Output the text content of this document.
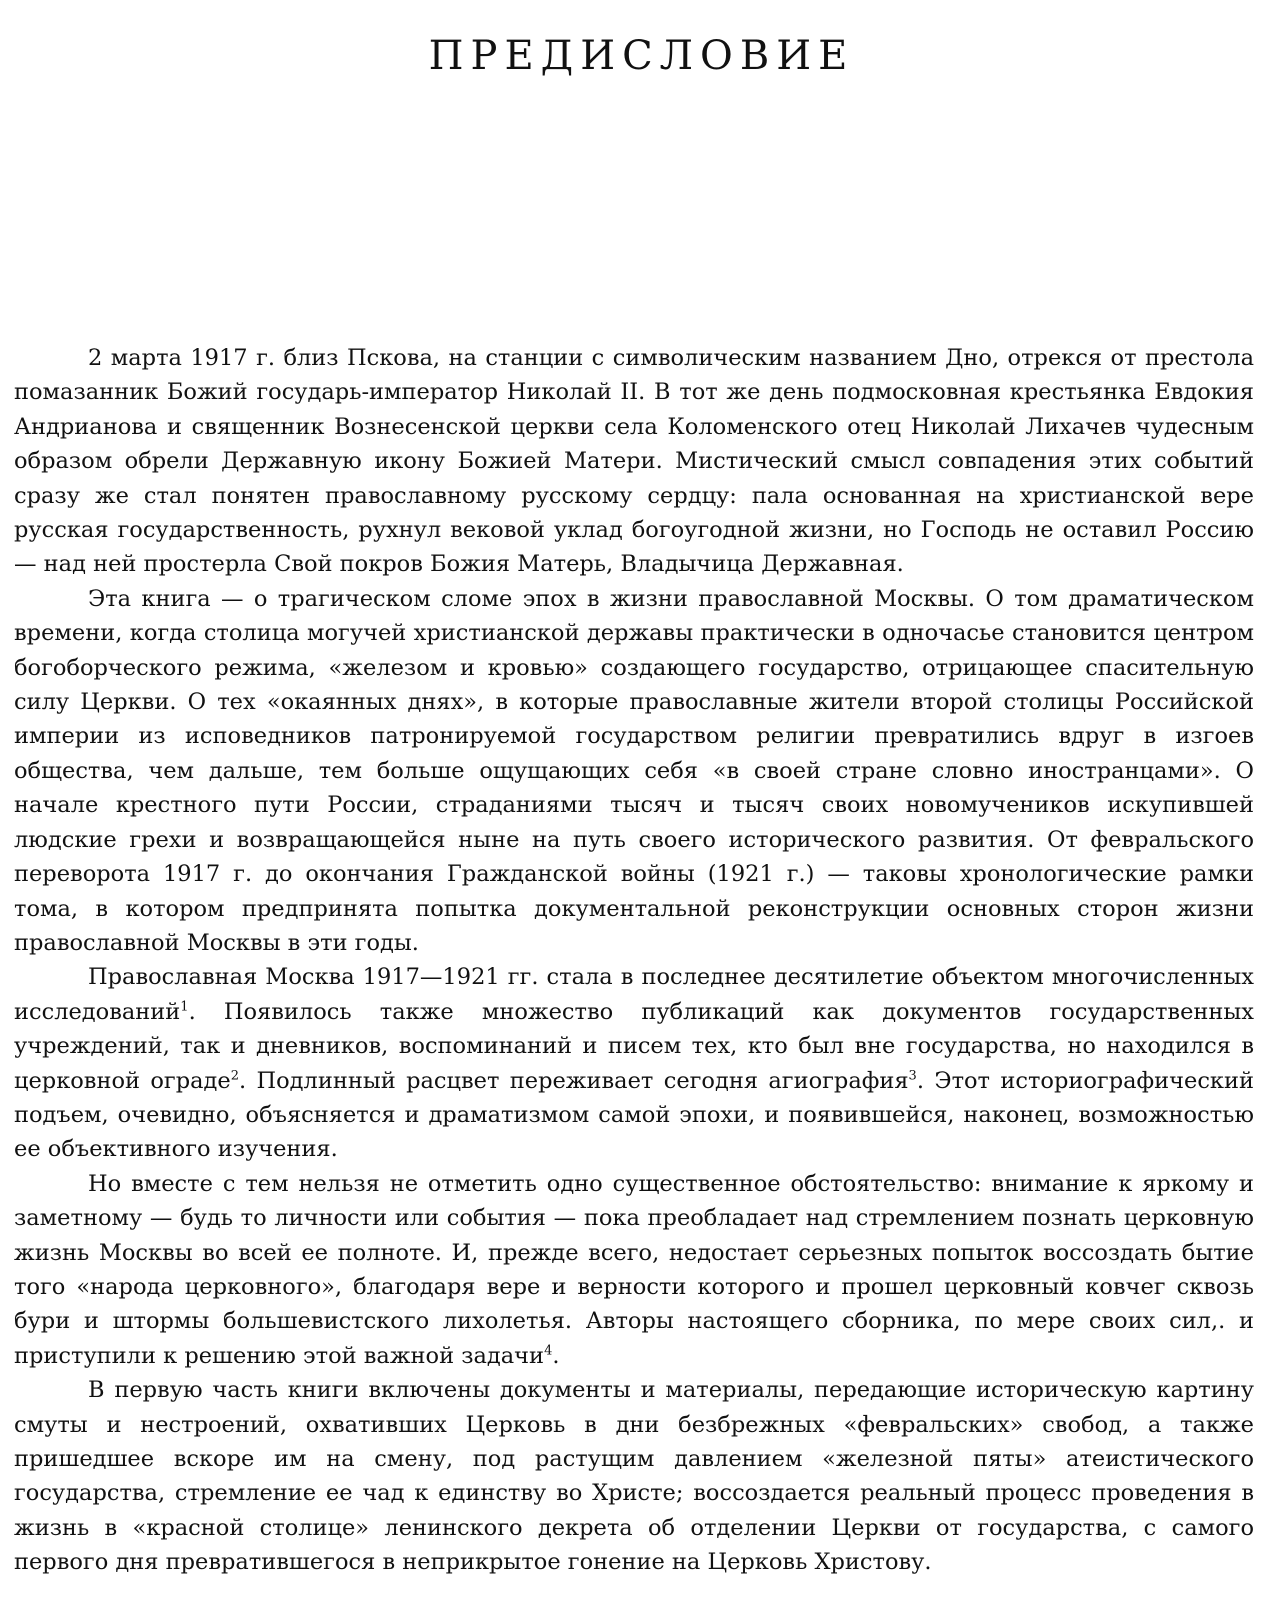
ПРЕДИСЛОВИЕ

2 марта 1917 г. близ Пскова, на станции с символическим названием Дно, отрекся от престола помазанник Божий государь-император Николай II. В тот же день подмосковная крестьянка Евдокия Андрианова и священник Вознесенской церкви села Коломенского отец Николай Лихачев чудесным образом обрели Державную икону Божией Матери. Мистический смысл совпадения этих событий сразу же стал понятен православному русскому сердцу: пала основанная на христианской вере русская государственность, рухнул вековой уклад богоугодной жизни, но Господь не оставил Россию — над ней простерла Свой покров Божия Матерь, Владычица Державная.

Эта книга — о трагическом сломе эпох в жизни православной Москвы. О том драматическом времени, когда столица могучей христианской державы практически в одночасье становится центром богоборческого режима, «железом и кровью» создающего государство, отрицающее спасительную силу Церкви. О тех «окаянных днях», в которые православные жители второй столицы Российской империи из исповедников патронируемой государством религии превратились вдруг в изгоев общества, чем дальше, тем больше ощущающих себя «в своей стране словно иностранцами». О начале крестного пути России, страданиями тысяч и тысяч своих новомучеников искупившей людские грехи и возвращающейся ныне на путь своего исторического развития. От февральского переворота 1917 г. до окончания Гражданской войны (1921 г.) — таковы хронологические рамки тома, в котором предпринята попытка документальной реконструкции основных сторон жизни православной Москвы в эти годы.

Православная Москва 1917—1921 гг. стала в последнее десятилетие объектом многочисленных исследований$^1$. Появилось также множество публикаций как документов государственных учреждений, так и дневников, воспоминаний и писем тех, кто был вне государства, но находился в церковной ограде$^2$. Подлинный расцвет переживает сегодня агиография$^3$. Этот историографический подъем, очевидно, объясняется и драматизмом самой эпохи, и появившейся, наконец, возможностью ее объективного изучения.

Но вместе с тем нельзя не отметить одно существенное обстоятельство: внимание к яркому и заметному — будь то личности или события — пока преобладает над стремлением познать церковную жизнь Москвы во всей ее полноте. И, прежде всего, недостает серьезных попыток воссоздать бытие того «народа церковного», благодаря вере и верности которого и прошел церковный ковчег сквозь бури и штормы большевистского лихолетья. Авторы настоящего сборника, по мере своих сил,. и приступили к решению этой важной задачи$^4$.

В первую часть книги включены документы и материалы, передающие историческую картину смуты и нестроений, охвативших Церковь в дни безбрежных «февральских» свобод, а также пришедшее вскоре им на смену, под растущим давлением «железной пяты» атеистического государства, стремление ее чад к единству во Христе; воссоздается реальный процесс проведения в жизнь в «красной столице» ленинского декрета об отделении Церкви от государства, с самого первого дня превратившегося в неприкрытое гонение на Церковь Христову.
